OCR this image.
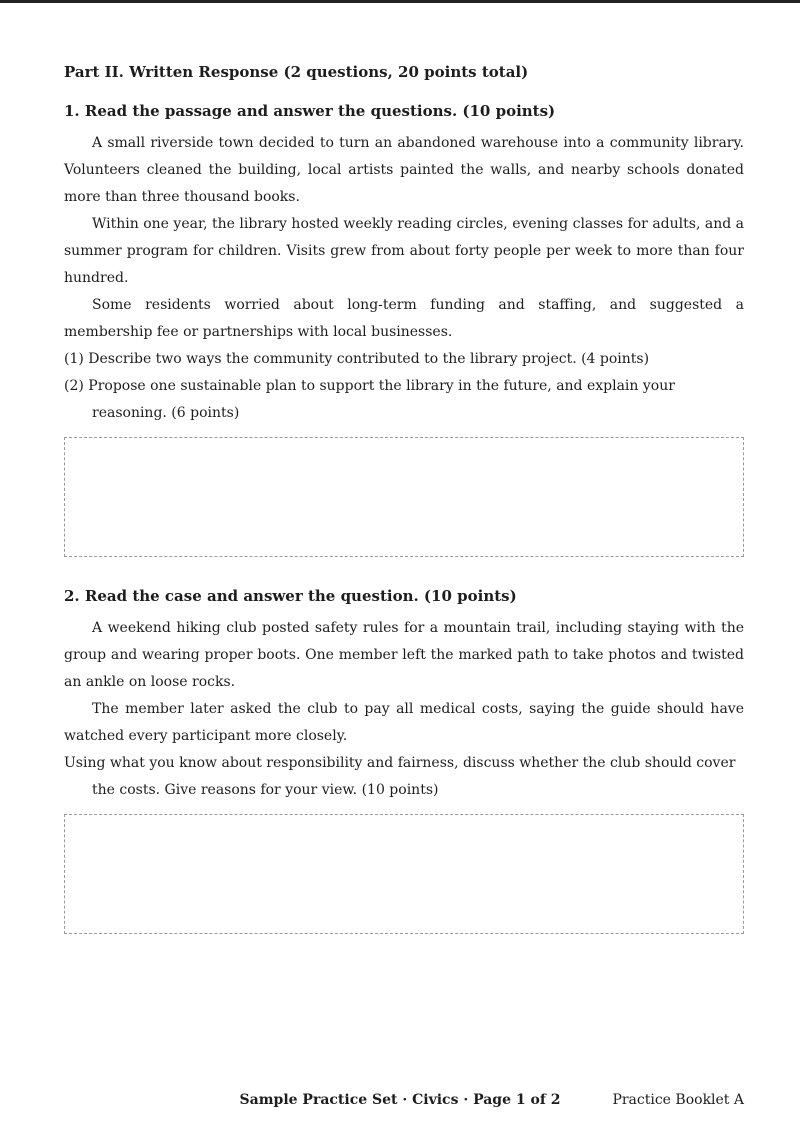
Part II. Written Response (2 questions, 20 points total)
1. Read the passage and answer the questions. (10 points)

A small riverside town decided to turn an abandoned warehouse into a community library. Volunteers cleaned the building, local artists painted the walls, and nearby schools donated more than three thousand books.

Within one year, the library hosted weekly reading circles, evening classes for adults, and a summer program for children. Visits grew from about forty people per week to more than four hundred.

Some residents worried about long-term funding and staffing, and suggested a membership fee or partnerships with local businesses.

(1) Describe two ways the community contributed to the library project. (4 points)

(2) Propose one sustainable plan to support the library in the future, and explain your reasoning. (6 points)

2. Read the case and answer the question. (10 points)

A weekend hiking club posted safety rules for a mountain trail, including staying with the group and wearing proper boots. One member left the marked path to take photos and twisted an ankle on loose rocks.

The member later asked the club to pay all medical costs, saying the guide should have watched every participant more closely.

Using what you know about responsibility and fairness, discuss whether the club should cover the costs. Give reasons for your view. (10 points)

Sample Practice Set · Civics · Page 1 of 2	Practice Booklet A
